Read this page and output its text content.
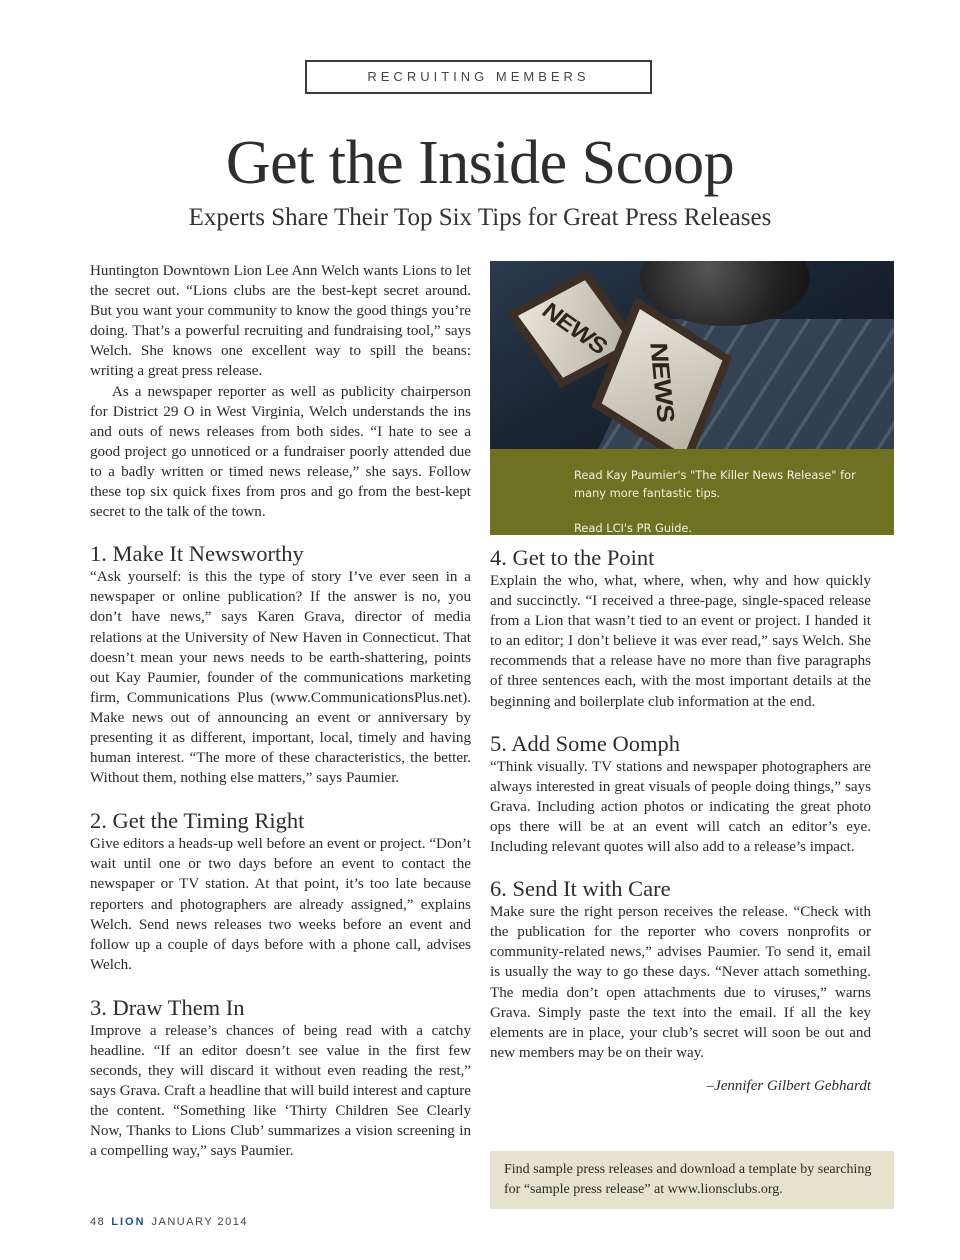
RECRUITING MEMBERS
Get the Inside Scoop
Experts Share Their Top Six Tips for Great Press Releases

Huntington Downtown Lion Lee Ann Welch wants Lions to let the secret out. “Lions clubs are the best-kept secret around. But you want your community to know the good things you’re doing. That’s a powerful recruiting and fundraising tool,” says Welch. She knows one excellent way to spill the beans: writing a great press release.

As a newspaper reporter as well as publicity chairperson for District 29 O in West Virginia, Welch understands the ins and outs of news releases from both sides. “I hate to see a good project go unnoticed or a fundraiser poorly attended due to a badly written or timed news release,” she says. Follow these top six quick fixes from pros and go from the best-kept secret to the talk of the town.

1. Make It Newsworthy

“Ask yourself: is this the type of story I’ve ever seen in a newspaper or online publication? If the answer is no, you don’t have news,” says Karen Grava, director of media relations at the University of New Haven in Connecticut. That doesn’t mean your news needs to be earth-shattering, points out Kay Paumier, founder of the communications marketing firm, Communications Plus (www.CommunicationsPlus.net). Make news out of announcing an event or anniversary by presenting it as different, important, local, timely and having human interest. “The more of these characteristics, the better. Without them, nothing else matters,” says Paumier.

2. Get the Timing Right

Give editors a heads-up well before an event or project. “Don’t wait until one or two days before an event to contact the newspaper or TV station. At that point, it’s too late because reporters and photographers are already assigned,” explains Welch. Send news releases two weeks before an event and follow up a couple of days before with a phone call, advises Welch.

3. Draw Them In

Improve a release’s chances of being read with a catchy headline. “If an editor doesn’t see value in the first few seconds, they will discard it without even reading the rest,” says Grava. Craft a headline that will build interest and capture the content. “Something like ‘Thirty Children See Clearly Now, Thanks to Lions Club’ summarizes a vision screening in a compelling way,” says Paumier.

NEWS
NEWS

Read Kay Paumier's "The Killer News Release" for many more fantastic tips.

Read LCI's PR Guide.

4. Get to the Point

Explain the who, what, where, when, why and how quickly and succinctly. “I received a three-page, single-spaced release from a Lion that wasn’t tied to an event or project. I handed it to an editor; I don’t believe it was ever read,” says Welch. She recommends that a release have no more than five paragraphs of three sentences each, with the most important details at the beginning and boilerplate club information at the end.

5. Add Some Oomph

“Think visually. TV stations and newspaper photographers are always interested in great visuals of people doing things,” says Grava. Including action photos or indicating the great photo ops there will be at an event will catch an editor’s eye. Including relevant quotes will also add to a release’s impact.

6. Send It with Care

Make sure the right person receives the release. “Check with the publication for the reporter who covers nonprofits or community-related news,” advises Paumier. To send it, email is usually the way to go these days. “Never attach something. The media don’t open attachments due to viruses,” warns Grava. Simply paste the text into the email. If all the key elements are in place, your club’s secret will soon be out and new members may be on their way.

–Jennifer Gilbert Gebhardt

Find sample press releases and download a template by searching for “sample press release” at www.lionsclubs.org.

48 LION JANUARY 2014
